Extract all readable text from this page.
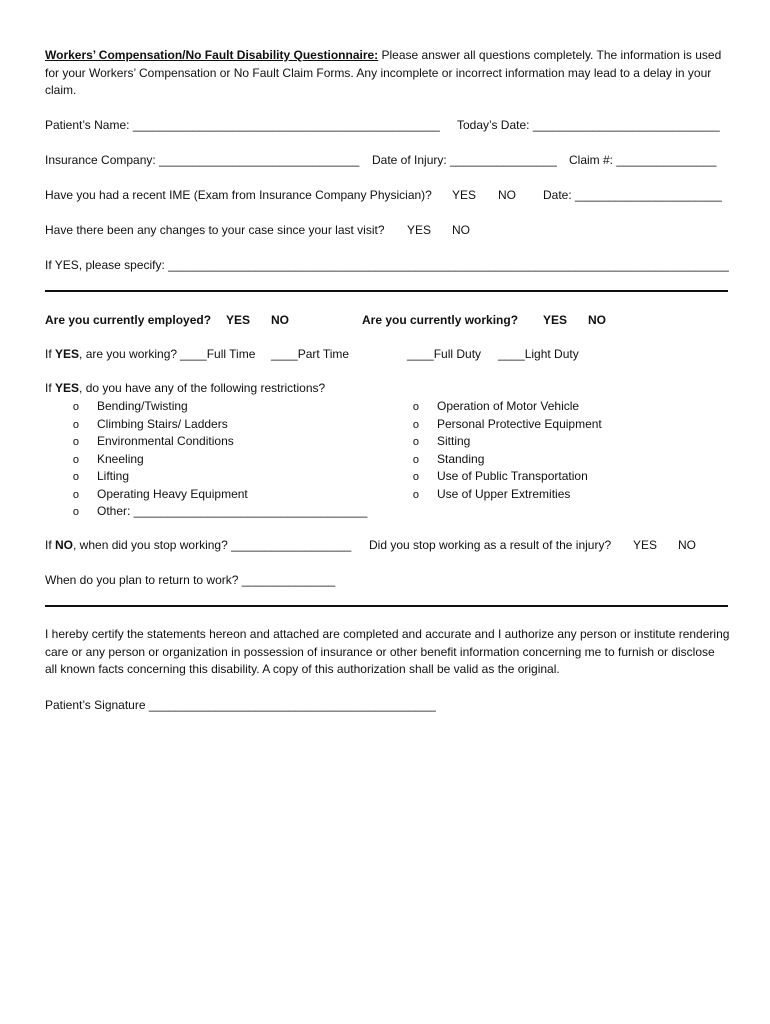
Workers’ Compensation/No Fault Disability Questionnaire: Please answer all questions completely. The information is used for your Workers’ Compensation or No Fault Claim Forms. Any incomplete or incorrect information may lead to a delay in your claim.
Patient’s Name: ______________________________________________ Today’s Date: ____________________________
Insurance Company: ______________________________ Date of Injury: ________________ Claim #: _______________
Have you had a recent IME (Exam from Insurance Company Physician)? YES NO Date: ______________________
Have there been any changes to your case since your last visit? YES NO
If YES, please specify: ____________________________________________________________________________________
Are you currently employed? YES NO	Are you currently working? YES NO
If YES, are you working? ____Full Time ____Part Time	____Full Duty ____Light Duty
If YES, do you have any of the following restrictions?
o Bending/Twisting
o Climbing Stairs/ Ladders
o Environmental Conditions
o Kneeling
o Lifting
o Operating Heavy Equipment
o Other: ___________________________________
o Operation of Motor Vehicle
o Personal Protective Equipment
o Sitting
o Standing
o Use of Public Transportation
o Use of Upper Extremities
If NO, when did you stop working? __________________ Did you stop working as a result of the injury? YES NO
When do you plan to return to work? ______________
I hereby certify the statements hereon and attached are completed and accurate and I authorize any person or institute rendering care or any person or organization in possession of insurance or other benefit information concerning me to furnish or disclose all known facts concerning this disability. A copy of this authorization shall be valid as the original.
Patient’s Signature ___________________________________________
